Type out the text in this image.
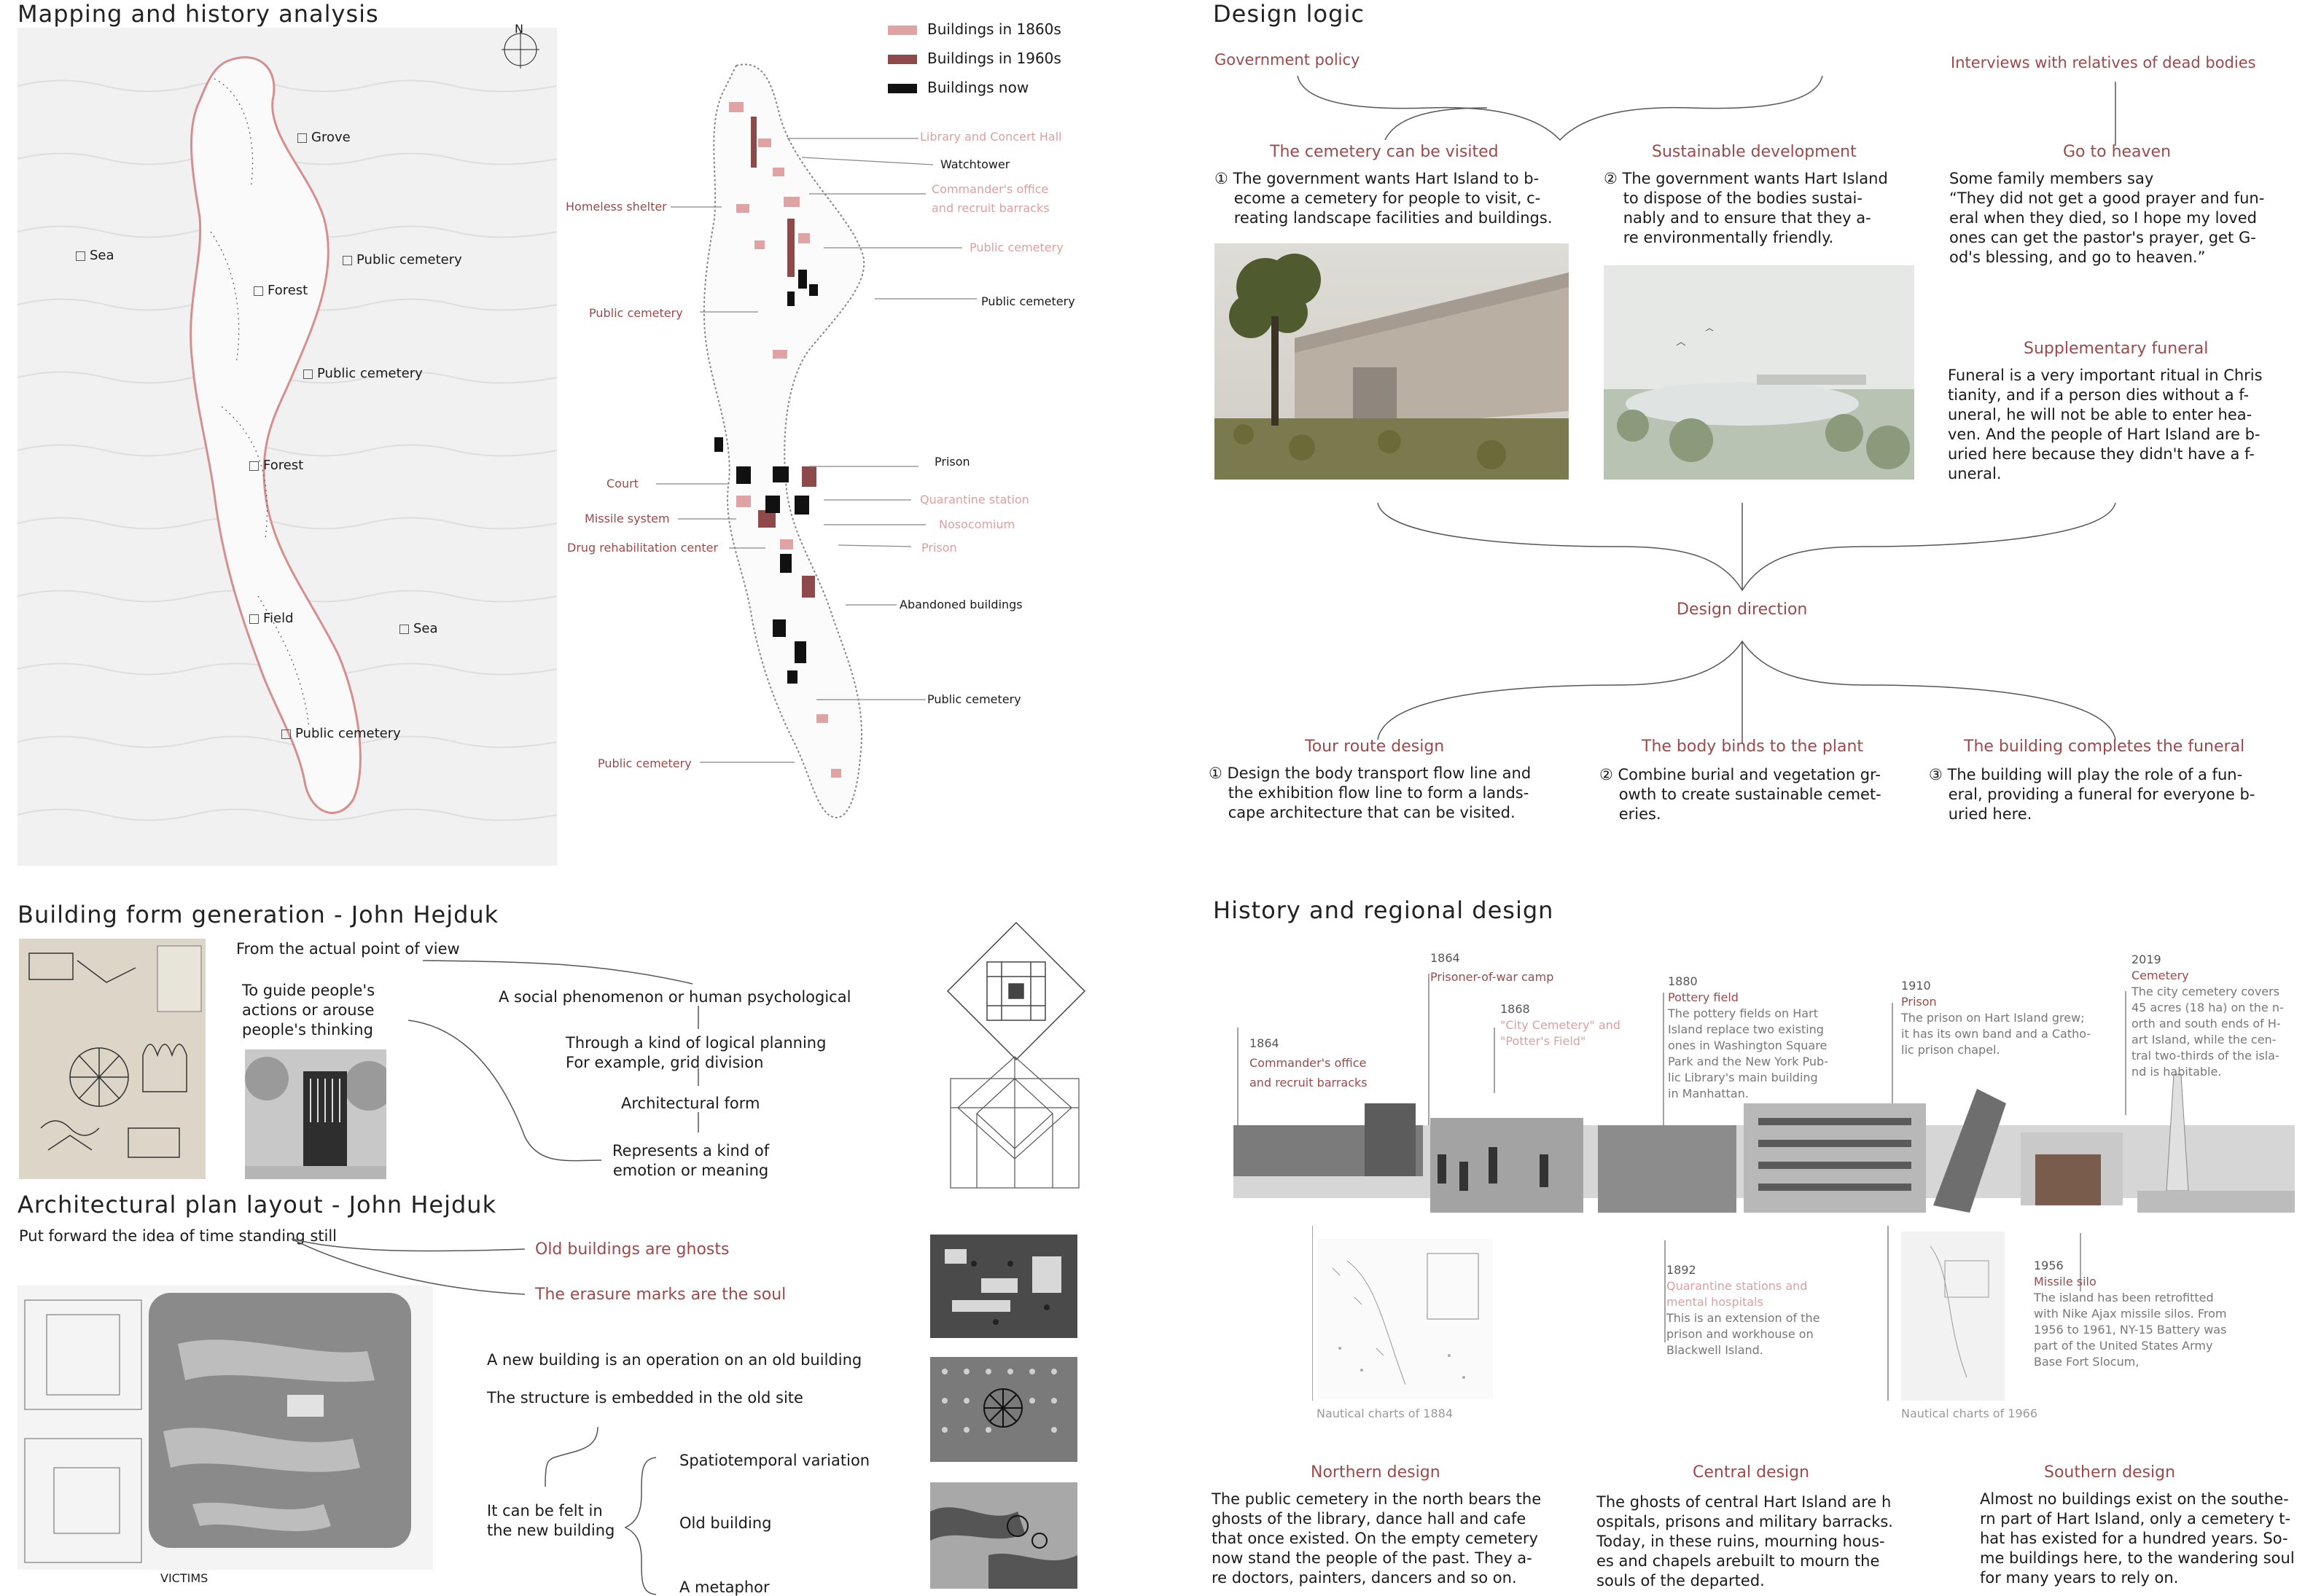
Mapping and history analysis
N
Grove
Sea	Public cemetery
Forest
Public cemetery
Forest
Field
Sea
Public cemetery
Buildings in 1860s
Buildings in 1960s
Buildings now
Library and Concert Hall
Watchtower
Commander's office
and recruit barracks
Public cemetery
Public cemetery
Prison
Quarantine station
Nosocomium
Prison
Abandoned buildings
Public cemetery
Homeless shelter
Public cemetery
Court
Missile system
Drug rehabilitation center
Public cemetery
Design logic
Government policy	Interviews with relatives of dead bodies
The cemetery can be visited
① The government wants Hart Island to b-
ecome a cemetery for people to visit, c-
reating landscape facilities and buildings.
Sustainable development
② The government wants Hart Island
to dispose of the bodies sustai-
nably and to ensure that they a-
re environmentally friendly.
Go to heaven
Some family members say
“They did not get a good prayer and fun-
eral when they died, so I hope my loved
ones can get the pastor's prayer, get G-
od's blessing, and go to heaven.”
Supplementary funeral
Funeral is a very important ritual in Chris
tianity, and if a person dies without a f-
uneral, he will not be able to enter hea-
ven. And the people of Hart Island are b-
uried here because they didn't have a f-
uneral.
Design direction
Tour route design
① Design the body transport flow line and
the exhibition flow line to form a lands-
cape architecture that can be visited.
The body binds to the plant
② Combine burial and vegetation gr-
owth to create sustainable cemet-
eries.
The building completes the funeral
③ The building will play the role of a fun-
eral, providing a funeral for everyone b-
uried here.
Building form generation - John Hejduk
From the actual point of view
To guide people's
actions or arouse
people's thinking
A social phenomenon or human psychological
Through a kind of logical planning
For example, grid division
Architectural form
Represents a kind of
emotion or meaning
Architectural plan layout - John Hejduk
Put forward the idea of time standing still
Old buildings are ghosts
The erasure marks are the soul
A new building is an operation on an old building
The structure is embedded in the old site
It can be felt in
the new building
Spatiotemporal variation
Old building
A metaphor
VICTIMS
History and regional design
1864
Commander's office
and recruit barracks
1864
Prisoner-of-war camp
1868
"City Cemetery" and
"Potter's Field"
1880
Pottery field
The pottery fields on Hart
Island replace two existing
ones in Washington Square
Park and the New York Pub-
lic Library's main building
in Manhattan.
1910
Prison
The prison on Hart Island grew;
it has its own band and a Catho-
lic prison chapel.
2019
Cemetery
The city cemetery covers
45 acres (18 ha) on the n-
orth and south ends of H-
art Island, while the cen-
tral two-thirds of the isla-
nd is habitable.
Nautical charts of 1884
1892
Quarantine stations and
mental hospitals
This is an extension of the
prison and workhouse on
Blackwell Island.
Nautical charts of 1966
1956
Missile silo
The island has been retrofitted
with Nike Ajax missile silos. From
1956 to 1961, NY-15 Battery was
part of the United States Army
Base Fort Slocum,
Northern design
The public cemetery in the north bears the
ghosts of the library, dance hall and cafe
that once existed. On the empty cemetery
now stand the people of the past. They a-
re doctors, painters, dancers and so on.
Central design
The ghosts of central Hart Island are h
ospitals, prisons and military barracks.
Today, in these ruins, mourning hous-
es and chapels arebuilt to mourn the
souls of the departed.
Southern design
Almost no buildings exist on the southe-
rn part of Hart Island, only a cemetery t-
hat has existed for a hundred years. So-
me buildings here, to the wandering soul
for many years to rely on.
